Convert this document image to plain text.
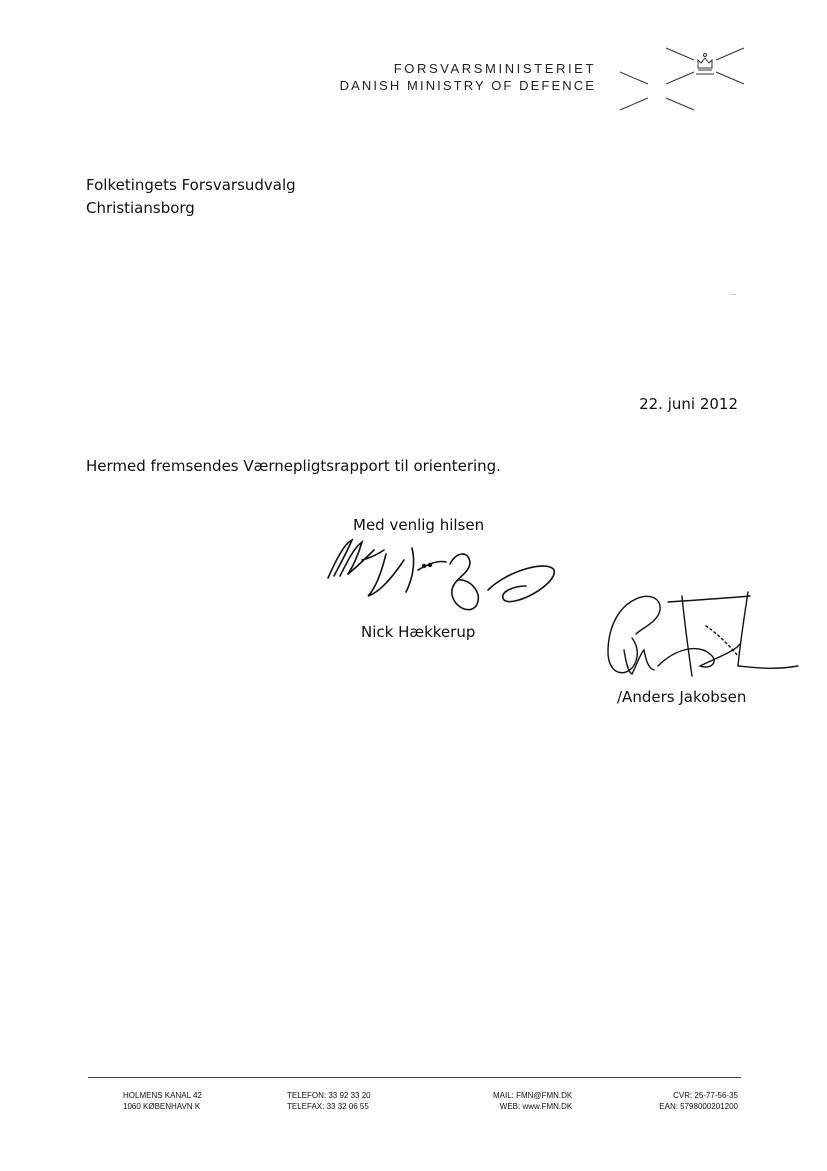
FORSVARSMINISTERIET
DANISH MINISTRY OF DEFENCE
Folketingets Forsvarsudvalg
Christiansborg
22. juni 2012
Hermed fremsendes Værnepligtsrapport til orientering.
Med venlig hilsen
Nick Hækkerup
/Anders Jakobsen
HOLMENS KANAL 42
1060 KØBENHAVN K
TELEFON: 33 92 33 20
TELEFAX: 33 32 06 55
MAIL: FMN@FMN.DK
WEB: www.FMN.DK
CVR: 25-77-56-35
EAN: 5798000201200
